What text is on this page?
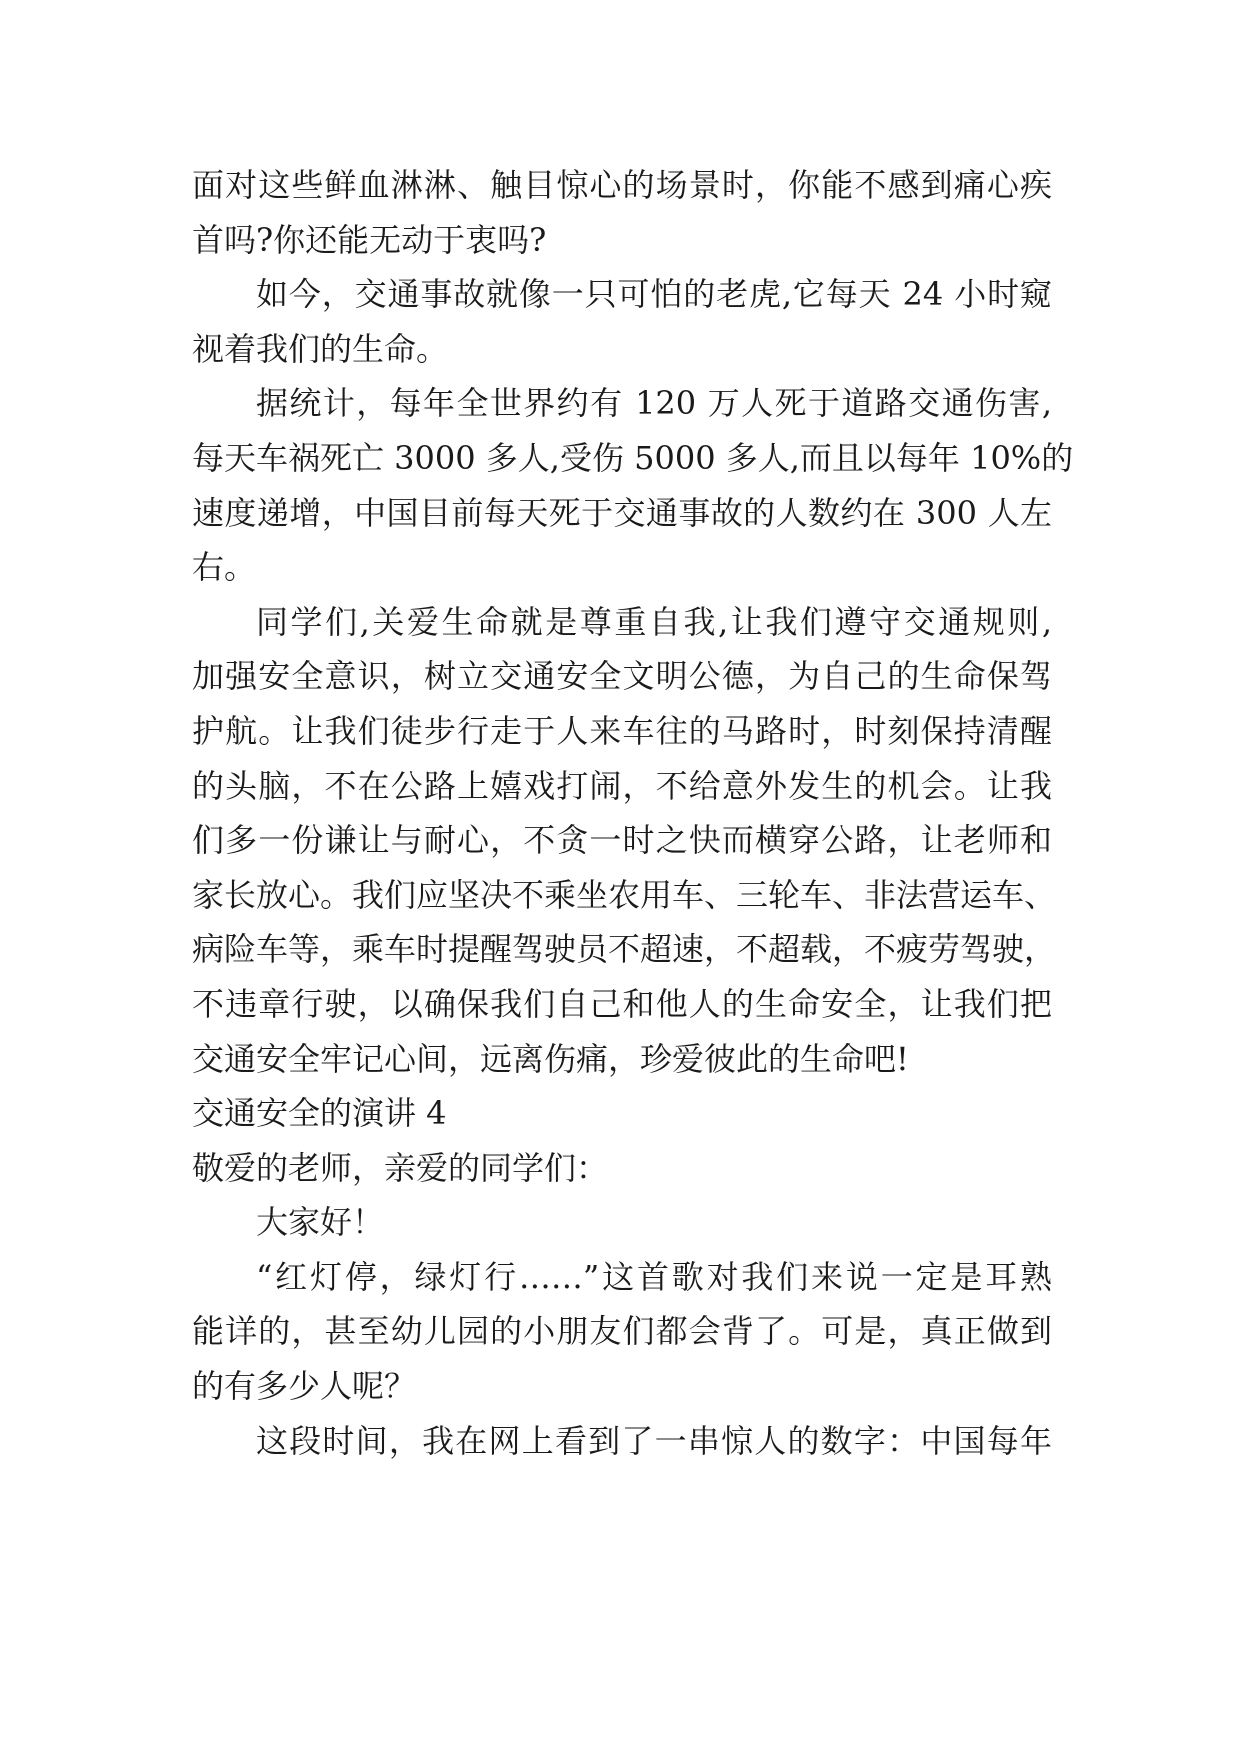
面对这些鲜血淋淋、触目惊心的场景时，你能不感到痛心疾
首吗?你还能无动于衷吗?
如今，交通事故就像一只可怕的老虎,它每天 24 小时窥
视着我们的生命。
据统计，每年全世界约有 120 万人死于道路交通伤害,
每天车祸死亡 3000 多人,受伤 5000 多人,而且以每年 10%的
速度递增，中国目前每天死于交通事故的人数约在 300 人左
右。
同学们,关爱生命就是尊重自我,让我们遵守交通规则,
加强安全意识，树立交通安全文明公德，为自己的生命保驾
护航。让我们徒步行走于人来车往的马路时，时刻保持清醒
的头脑，不在公路上嬉戏打闹，不给意外发生的机会。让我
们多一份谦让与耐心，不贪一时之快而横穿公路，让老师和
家长放心。我们应坚决不乘坐农用车、三轮车、非法营运车、
病险车等，乘车时提醒驾驶员不超速，不超载，不疲劳驾驶，
不违章行驶，以确保我们自己和他人的生命安全，让我们把
交通安全牢记心间，远离伤痛，珍爱彼此的生命吧!
交通安全的演讲 4
敬爱的老师，亲爱的同学们：
大家好！
“红灯停，绿灯行……”这首歌对我们来说一定是耳熟
能详的，甚至幼儿园的小朋友们都会背了。可是，真正做到
的有多少人呢？
这段时间，我在网上看到了一串惊人的数字：中国每年
